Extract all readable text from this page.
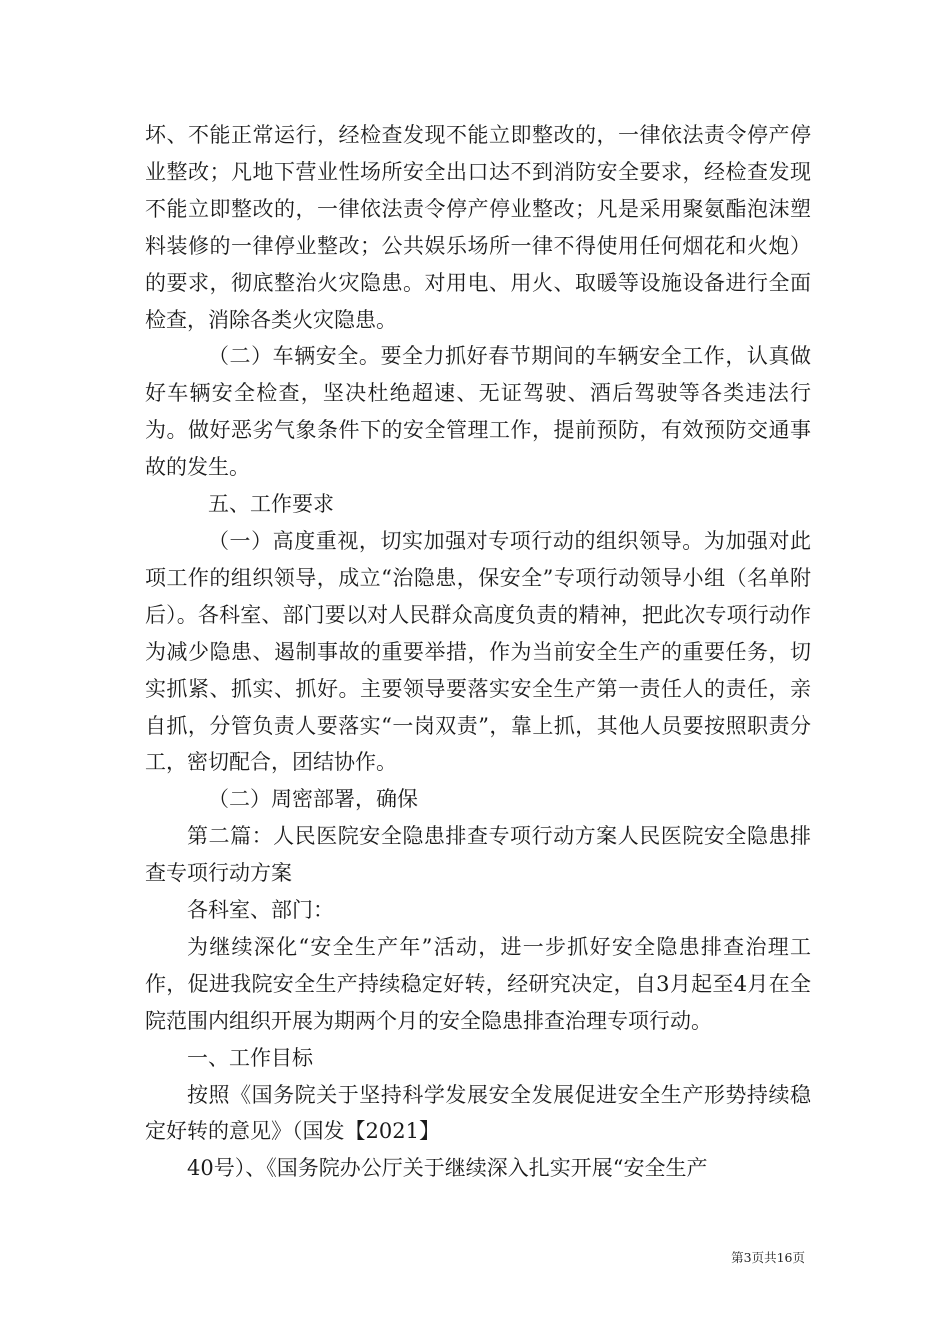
坏、不能正常运行，经检查发现不能立即整改的，一律依法责令停产停业整改；凡地下营业性场所安全出口达不到消防安全要求，经检查发现不能立即整改的，一律依法责令停产停业整改；凡是采用聚氨酯泡沫塑料装修的一律停业整改；公共娱乐场所一律不得使用任何烟花和火炮）的要求，彻底整治火灾隐患。对用电、用火、取暖等设施设备进行全面检查，消除各类火灾隐患。

（二）车辆安全。要全力抓好春节期间的车辆安全工作，认真做好车辆安全检查，坚决杜绝超速、无证驾驶、酒后驾驶等各类违法行为。做好恶劣气象条件下的安全管理工作，提前预防，有效预防交通事故的发生。

五、工作要求

（一）高度重视，切实加强对专项行动的组织领导。为加强对此项工作的组织领导，成立“治隐患，保安全”专项行动领导小组（名单附后）。各科室、部门要以对人民群众高度负责的精神，把此次专项行动作为减少隐患、遏制事故的重要举措，作为当前安全生产的重要任务，切实抓紧、抓实、抓好。主要领导要落实安全生产第一责任人的责任，亲自抓，分管负责人要落实“一岗双责”，靠上抓，其他人员要按照职责分工，密切配合，团结协作。

（二）周密部署，确保

第二篇：人民医院安全隐患排查专项行动方案人民医院安全隐患排查专项行动方案

各科室、部门：

为继续深化“安全生产年”活动，进一步抓好安全隐患排查治理工作，促进我院安全生产持续稳定好转，经研究决定，自3月起至4月在全院范围内组织开展为期两个月的安全隐患排查治理专项行动。

一、工作目标

按照《国务院关于坚持科学发展安全发展促进安全生产形势持续稳定好转的意见》（国发【2021】

40号）、《国务院办公厅关于继续深入扎实开展“安全生产

第3页共16页
